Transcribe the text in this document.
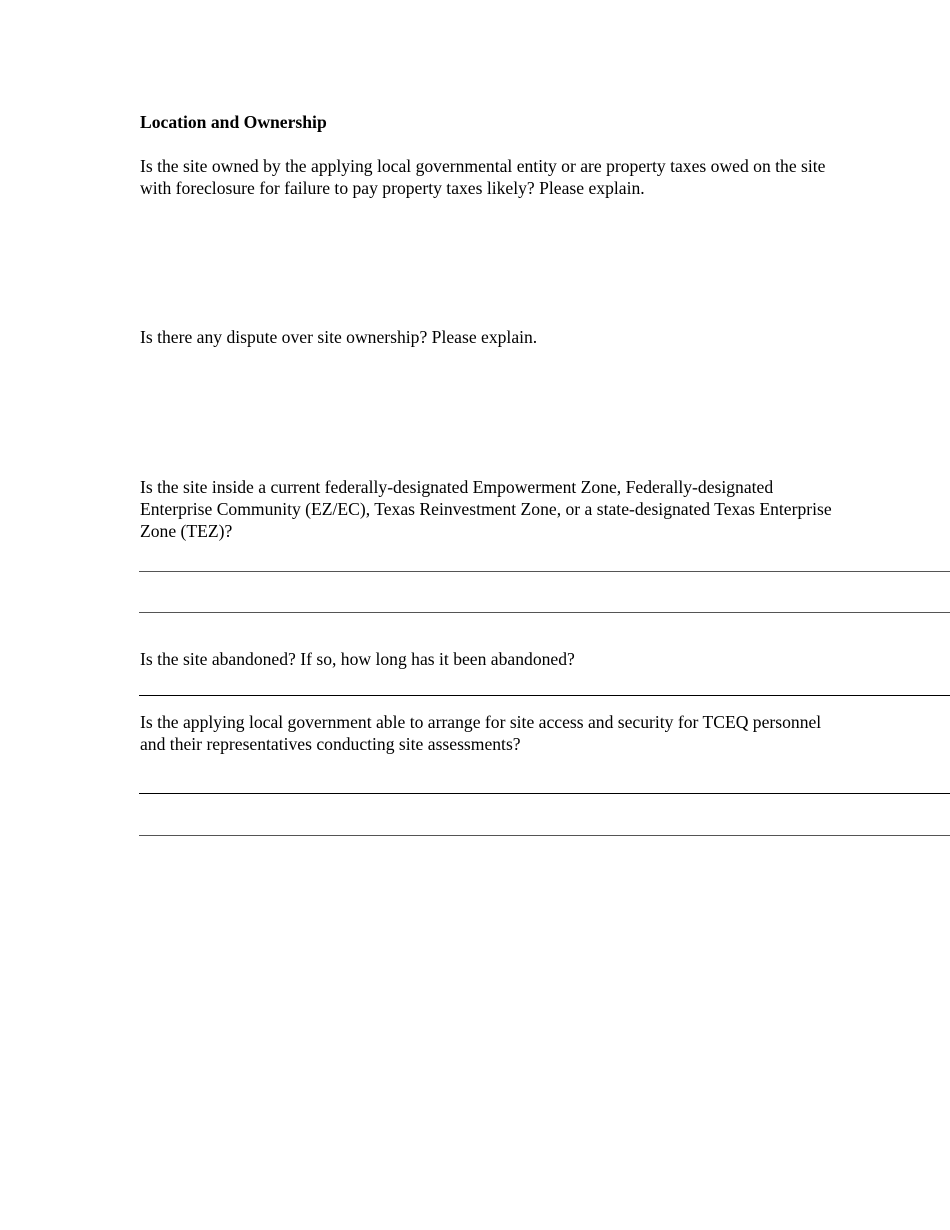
Location and Ownership

Is the site owned by the applying local governmental entity or are property taxes owed on the site with foreclosure for failure to pay property taxes likely? Please explain.

Is there any dispute over site ownership? Please explain.

Is the site inside a current federally-designated Empowerment Zone, Federally-designated Enterprise Community (EZ/EC), Texas Reinvestment Zone, or a state-designated Texas Enterprise Zone (TEZ)?

Is the site abandoned? If so, how long has it been abandoned?

Is the applying local government able to arrange for site access and security for TCEQ personnel and their representatives conducting site assessments?
